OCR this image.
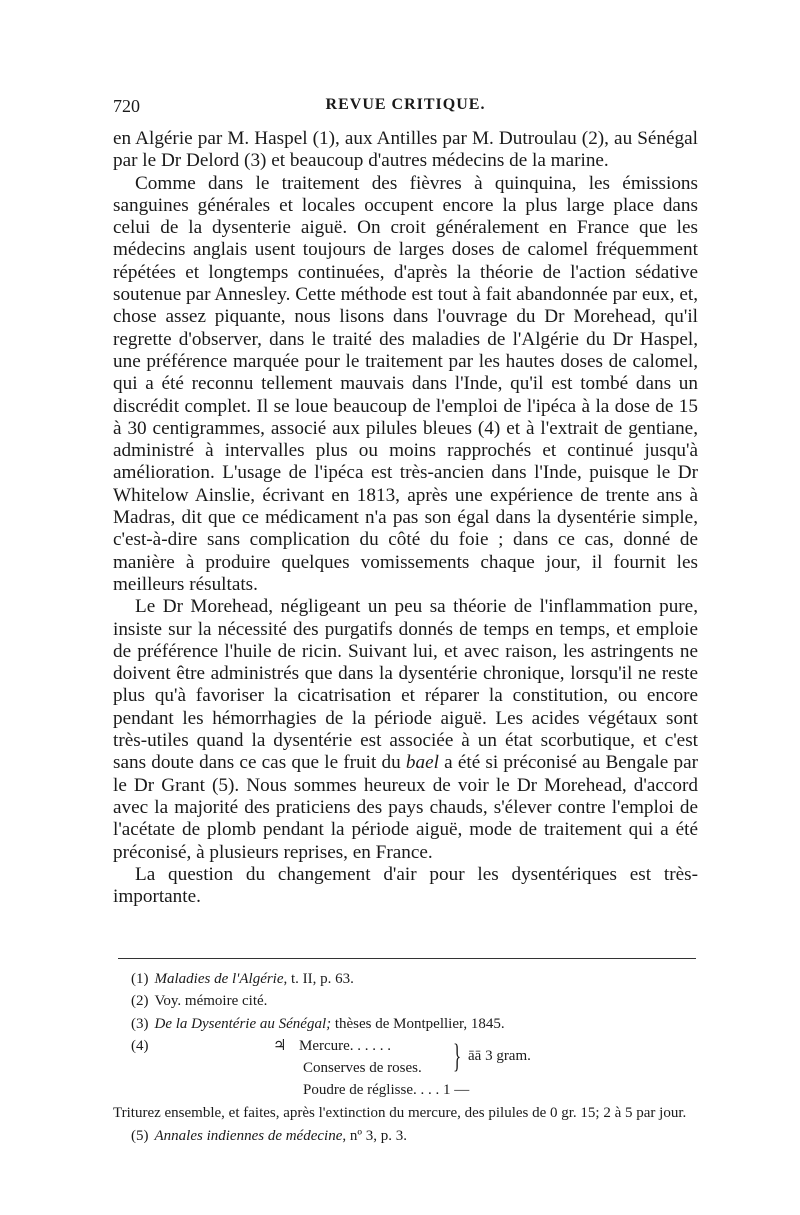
720	REVUE CRITIQUE.

en Algérie par M. Haspel (1), aux Antilles par M. Dutroulau (2), au Sénégal par le Dr Delord (3) et beaucoup d'autres médecins de la marine.

Comme dans le traitement des fièvres à quinquina, les émissions sanguines générales et locales occupent encore la plus large place dans celui de la dysenterie aiguë. On croit généralement en France que les médecins anglais usent toujours de larges doses de calomel fréquemment répétées et longtemps continuées, d'après la théorie de l'action sédative soutenue par Annesley. Cette méthode est tout à fait abandonnée par eux, et, chose assez piquante, nous lisons dans l'ouvrage du Dr Morehead, qu'il regrette d'observer, dans le traité des maladies de l'Algérie du Dr Haspel, une préférence marquée pour le traitement par les hautes doses de calomel, qui a été reconnu tellement mauvais dans l'Inde, qu'il est tombé dans un discrédit complet. Il se loue beaucoup de l'emploi de l'ipéca à la dose de 15 à 30 centigrammes, associé aux pilules bleues (4) et à l'extrait de gentiane, administré à intervalles plus ou moins rapprochés et continué jusqu'à amélioration. L'usage de l'ipéca est très-ancien dans l'Inde, puisque le Dr Whitelow Ainslie, écrivant en 1813, après une expérience de trente ans à Madras, dit que ce médicament n'a pas son égal dans la dysentérie simple, c'est-à-dire sans complication du côté du foie ; dans ce cas, donné de manière à produire quelques vomissements chaque jour, il fournit les meilleurs résultats.

Le Dr Morehead, négligeant un peu sa théorie de l'inflammation pure, insiste sur la nécessité des purgatifs donnés de temps en temps, et emploie de préférence l'huile de ricin. Suivant lui, et avec raison, les astringents ne doivent être administrés que dans la dysentérie chronique, lorsqu'il ne reste plus qu'à favoriser la cicatrisation et réparer la constitution, ou encore pendant les hémorrhagies de la période aiguë. Les acides végétaux sont très-utiles quand la dysentérie est associée à un état scorbutique, et c'est sans doute dans ce cas que le fruit du bael a été si préconisé au Bengale par le Dr Grant (5). Nous sommes heureux de voir le Dr Morehead, d'accord avec la majorité des praticiens des pays chauds, s'élever contre l'emploi de l'acétate de plomb pendant la période aiguë, mode de traitement qui a été préconisé, à plusieurs reprises, en France.

La question du changement d'air pour les dysentériques est très-importante.

(1) Maladies de l'Algérie, t. II, p. 63.

(2) Voy. mémoire cité.

(3) De la Dysentérie au Sénégal; thèses de Montpellier, 1845.

(4)	♃ Mercure. . . . . .
Conserves de roses. } āā 3 gram.
Poudre de réglisse. . . . 1 —

Triturez ensemble, et faites, après l'extinction du mercure, des pilules de 0 gr. 15; 2 à 5 par jour.

(5) Annales indiennes de médecine, nº 3, p. 3.
